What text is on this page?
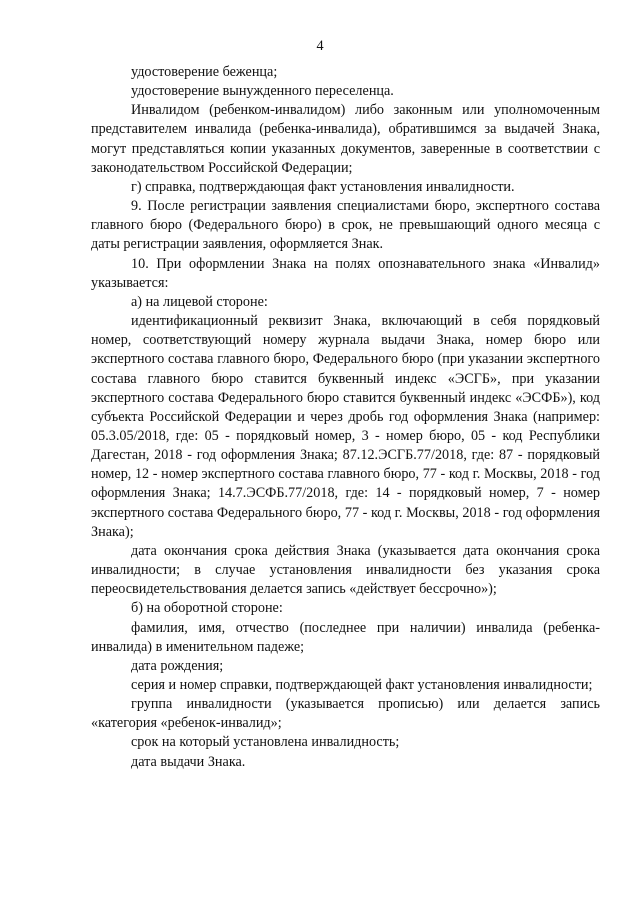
4

удостоверение беженца;

удостоверение вынужденного переселенца.

Инвалидом (ребенком-инвалидом) либо законным или уполномоченным представителем инвалида (ребенка-инвалида), обратившимся за выдачей Знака, могут представляться копии указанных документов, заверенные в соответствии с законодательством Российской Федерации;

г) справка, подтверждающая факт установления инвалидности.

9. После регистрации заявления специалистами бюро, экспертного состава главного бюро (Федерального бюро) в срок, не превышающий одного месяца с даты регистрации заявления, оформляется Знак.

10. При оформлении Знака на полях опознавательного знака «Инвалид» указывается:

а) на лицевой стороне:

идентификационный реквизит Знака, включающий в себя порядковый номер, соответствующий номеру журнала выдачи Знака, номер бюро или экспертного состава главного бюро, Федерального бюро (при указании экспертного состава главного бюро ставится буквенный индекс «ЭСГБ», при указании экспертного состава Федерального бюро ставится буквенный индекс «ЭСФБ»), код субъекта Российской Федерации и через дробь год оформления Знака (например: 05.3.05/2018, где: 05 - порядковый номер, 3 - номер бюро, 05 - код Республики Дагестан, 2018 - год оформления Знака; 87.12.ЭСГБ.77/2018, где: 87 - порядковый номер, 12 - номер экспертного состава главного бюро, 77 - код г. Москвы, 2018 - год оформления Знака; 14.7.ЭСФБ.77/2018, где: 14 - порядковый номер, 7 - номер экспертного состава Федерального бюро, 77 - код г. Москвы, 2018 - год оформления Знака);

дата окончания срока действия Знака (указывается дата окончания срока инвалидности; в случае установления инвалидности без указания срока переосвидетельствования делается запись «действует бессрочно»);

б) на оборотной стороне:

фамилия, имя, отчество (последнее при наличии) инвалида (ребенка-инвалида) в именительном падеже;

дата рождения;

серия и номер справки, подтверждающей факт установления инвалидности;

группа инвалидности (указывается прописью) или делается запись «категория «ребенок-инвалид»;

срок на который установлена инвалидность;

дата выдачи Знака.
